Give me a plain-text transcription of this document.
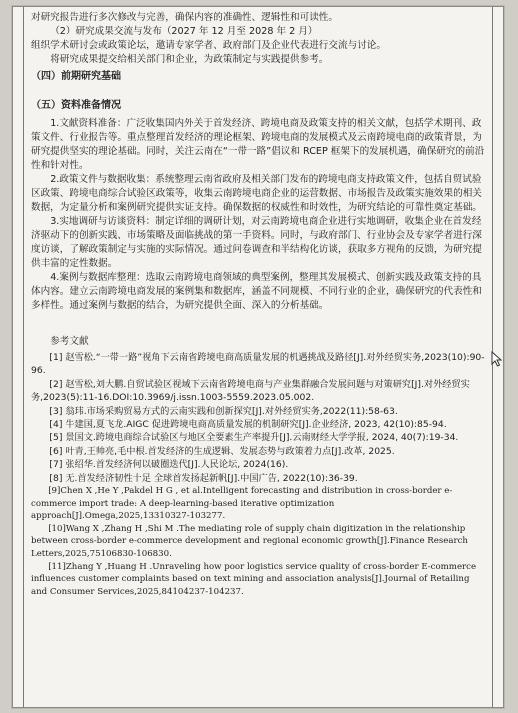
对研究报告进行多次修改与完善，确保内容的准确性、逻辑性和可读性。

（2）研究成果交流与发布（2027 年 12 月至 2028 年 2 月）

组织学术研讨会或政策论坛，邀请专家学者、政府部门及企业代表进行交流与讨论。

将研究成果提交给相关部门和企业，为政策制定与实践提供参考。

（四）前期研究基础

（五）资料准备情况

1.文献资料准备：广泛收集国内外关于首发经济、跨境电商及政策支持的相关文献，包括学术期刊、政策文件、行业报告等。重点整理首发经济的理论框架、跨境电商的发展模式及云南跨境电商的政策背景，为研究提供坚实的理论基础。同时，关注云南在“一带一路”倡议和 RCEP 框架下的发展机遇，确保研究的前沿性和针对性。

2.政策文件与数据收集：系统整理云南省政府及相关部门发布的跨境电商支持政策文件，包括自贸试验区政策、跨境电商综合试验区政策等，收集云南跨境电商企业的运营数据、市场报告及政策实施效果的相关数据，为定量分析和案例研究提供实证支持。确保数据的权威性和时效性，为研究结论的可靠性奠定基础。

3.实地调研与访谈资料：制定详细的调研计划，对云南跨境电商企业进行实地调研，收集企业在首发经济驱动下的创新实践、市场策略及面临挑战的第一手资料。同时，与政府部门、行业协会及专家学者进行深度访谈，了解政策制定与实施的实际情况。通过问卷调查和半结构化访谈，获取多方视角的反馈，为研究提供丰富的定性数据。

4.案例与数据库整理：选取云南跨境电商领域的典型案例，整理其发展模式、创新实践及政策支持的具体内容。建立云南跨境电商发展的案例集和数据库，涵盖不同规模、不同行业的企业，确保研究的代表性和多样性。通过案例与数据的结合，为研究提供全面、深入的分析基础。

参考文献

[1] 赵雪松.“一带一路”视角下云南省跨境电商高质量发展的机遇挑战及路径[J].对外经贸实务,2023(10):90-96.

[2] 赵雪松,刘大鹏.自贸试验区视域下云南省跨境电商与产业集群融合发展问题与对策研究[J].对外经贸实务,2023(5):11-16.DOI:10.3969/j.issn.1003-5559.2023.05.002.

[3] 翁玮.市场采购贸易方式的云南实践和创新探究[J].对外经贸实务,2022(11):58-63.

[4] 牛建国,夏飞龙.AIGC 促进跨境电商高质量发展的机制研究[J].企业经济, 2023, 42(10):85-94.

[5] 景国文.跨境电商综合试验区与地区全要素生产率提升[J].云南财经大学学报, 2024, 40(7):19-34.

[6] 叶青,王帅亮,毛中根.首发经济的生成逻辑、发展态势与政策着力点[J].改革, 2025.

[7] 张绍华.首发经济何以破圈迭代[J].人民论坛, 2024(16).

[8] 无.首发经济韧性十足 全球首发扬起新帆[J].中国广告, 2022(10):36-39.

[9]Chen X ,He Y ,Pakdel H G , et al.Intelligent forecasting and distribution in cross-border e-commerce import trade: A deep-learning-based iterative optimization approach[J].Omega,2025,13310327-103277.

[10]Wang X ,Zhang H ,Shi M .The mediating role of supply chain digitization in the relationship between cross-border e-commerce development and regional economic growth[J].Finance Research Letters,2025,75106830-106830.

[11]Zhang Y ,Huang H .Unraveling how poor logistics service quality of cross-border E-commerce influences customer complaints based on text mining and association analysis[J].Journal of Retailing and Consumer Services,2025,84104237-104237.
